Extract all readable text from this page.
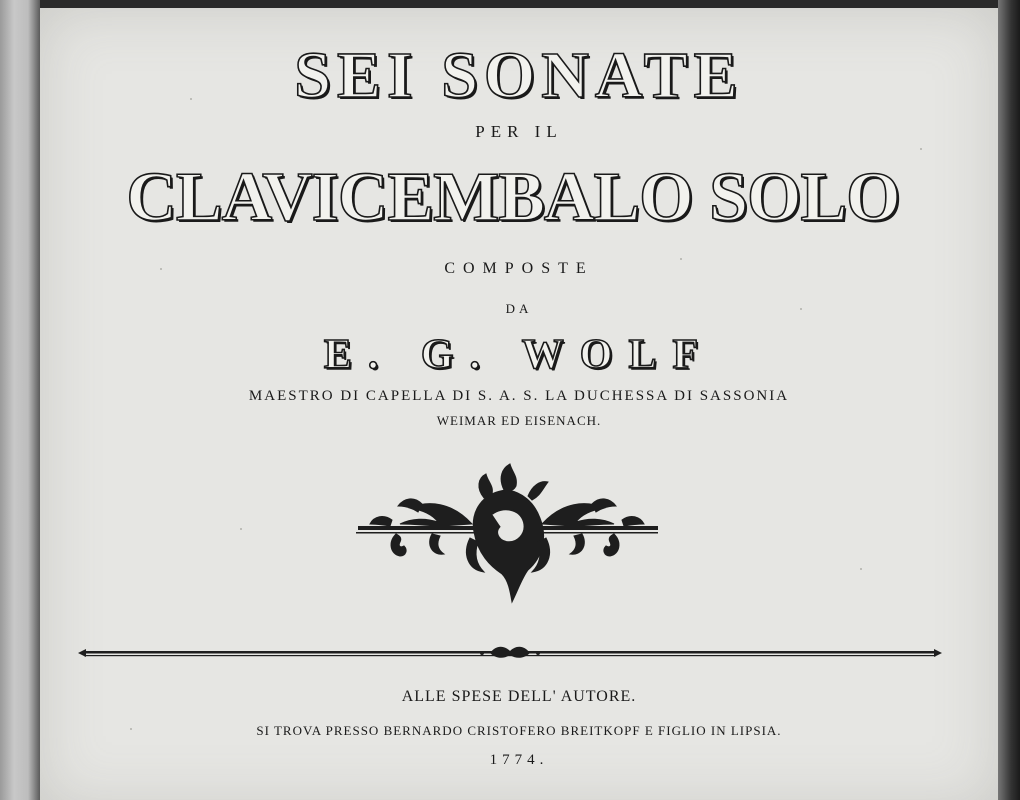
SEI SONATE
PER IL
CLAVICEMBALO SOLO
COMPOSTE
DA
E. G. WOLF
MAESTRO DI CAPELLA DI S. A. S. LA DUCHESSA DI SASSONIA
WEIMAR ED EISENACH.
ALLE SPESE DELL' AUTORE.
SI TROVA PRESSO BERNARDO CRISTOFERO BREITKOPF E FIGLIO IN LIPSIA.
1774.
